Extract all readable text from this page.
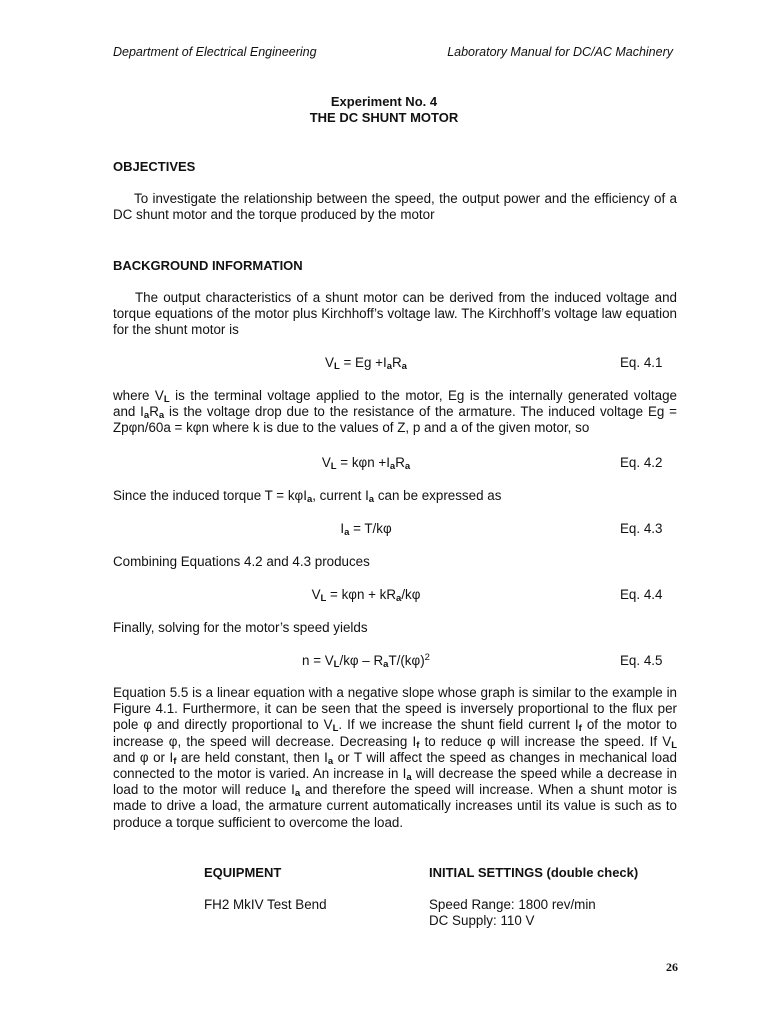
Department of Electrical Engineering	Laboratory Manual for DC/AC Machinery
Experiment No. 4
THE DC SHUNT MOTOR
OBJECTIVES
To investigate the relationship between the speed, the output power and the efficiency of a DC shunt motor and the torque produced by the motor
BACKGROUND INFORMATION
The output characteristics of a shunt motor can be derived from the induced voltage and torque equations of the motor plus Kirchhoff’s voltage law. The Kirchhoff’s voltage law equation for the shunt motor is
$V_L = Eg +I_aR_a$	Eq. 4.1
where $V_L$ is the terminal voltage applied to the motor, Eg is the internally generated voltage and $I_aR_a$ is the voltage drop due to the resistance of the armature. The induced voltage Eg = Zpφn/60a = kφn where k is due to the values of Z, p and a of the given motor, so
$V_L = k\varphi n +I_aR_a$	Eq. 4.2
Since the induced torque T = kφI$_a$, current $I_a$ can be expressed as
$I_a = T/k\varphi$	Eq. 4.3
Combining Equations 4.2 and 4.3 produces
$V_L = k\varphi n + kR_a/k\varphi$	Eq. 4.4
Finally, solving for the motor’s speed yields
$n = V_L/k\varphi - R_aT/(k\varphi)^2$	Eq. 4.5
Equation 5.5 is a linear equation with a negative slope whose graph is similar to the example in Figure 4.1. Furthermore, it can be seen that the speed is inversely proportional to the flux per pole φ and directly proportional to $V_L$. If we increase the shunt field current $I_f$ of the motor to increase φ, the speed will decrease. Decreasing $I_f$ to reduce φ will increase the speed. If $V_L$ and φ or $I_f$ are held constant, then $I_a$ or T will affect the speed as changes in mechanical load connected to the motor is varied. An increase in $I_a$ will decrease the speed while a decrease in load to the motor will reduce $I_a$ and therefore the speed will increase. When a shunt motor is made to drive a load, the armature current automatically increases until its value is such as to produce a torque sufficient to overcome the load.
EQUIPMENT	INITIAL SETTINGS (double check)
FH2 MkIV Test Bend	Speed Range: 1800 rev/min
DC Supply: 110 V
26
